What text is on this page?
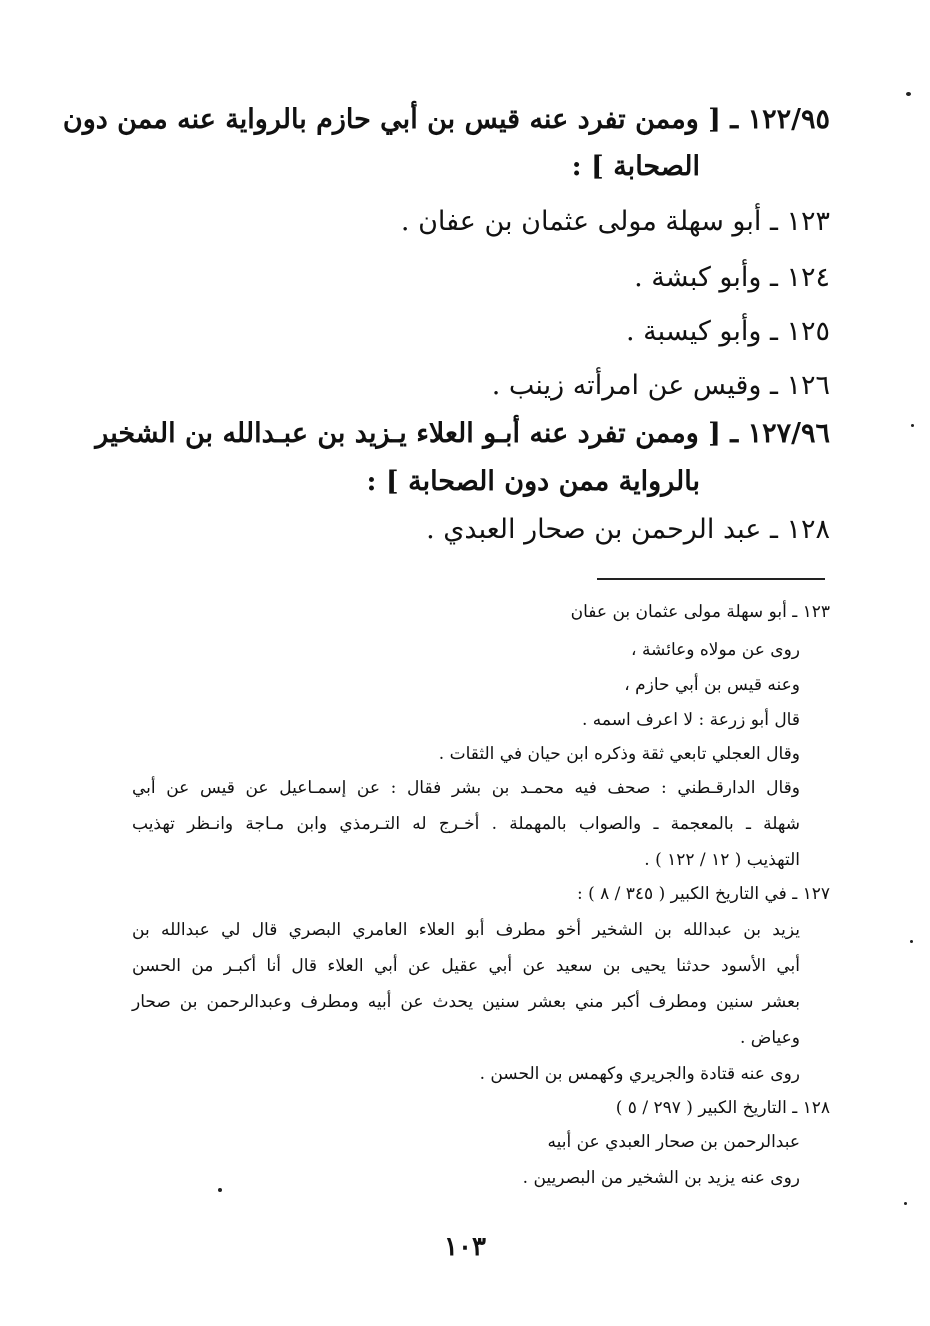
١٢٢/٩٥ ـ [ وممن تفرد عنه قيس بن أبي حازم بالرواية عنه ممن دون
الصحابة ] :
١٢٣ ـ أبو سهلة مولى عثمان بن عفان .
١٢٤ ـ وأبو كبشة .
١٢٥ ـ وأبو كيسبة .
١٢٦ ـ وقيس عن امرأته زينب .
١٢٧/٩٦ ـ [ وممن تفرد عنه أبـو العلاء يـزيد بن عبـدالله بن الشخير
بالرواية ممن دون الصحابة ] :
١٢٨ ـ عبد الرحمن بن صحار العبدي .
١٢٣ ـ أبو سهلة مولى عثمان بن عفان
روى عن مولاه وعائشة ،
وعنه قيس بن أبي حازم ،
قال أبو زرعة : لا اعرف اسمه .
وقال العجلي تابعي ثقة وذكره ابن حيان في الثقات .
وقال الدارقـطني : صحف فيه محمـد بن بشر فقال : عن إسمـاعيل عن قيس عن أبي
شهلة ـ بالمعجمة ـ والصواب بالمهملة . أخـرج له التـرمذي وابن مـاجة وانـظر تهذيب
التهذيب ( ١٢ / ١٢٢ ) .
١٢٧ ـ في التاريخ الكبير ( ٣٤٥ / ٨ ) :
يزيد بن عبدالله بن الشخير أخو مطرف أبو العلاء العامري البصري قال لي عبدالله بن
أبي الأسود حدثنا يحيى بن سعيد عن أبي عقيل عن أبي العلاء قال أنا أكبـر من الحسن
بعشر سنين ومطرف أكبر مني بعشر سنين يحدث عن أبيه ومطرف وعبدالرحمن بن صحار
وعياض .
روى عنه قتادة والجريري وكهمس بن الحسن .
١٢٨ ـ التاريخ الكبير ( ٢٩٧ / ٥ )
عبدالرحمن بن صحار العبدي عن أبيه
روى عنه يزيد بن الشخير من البصريين .
١٠٣
